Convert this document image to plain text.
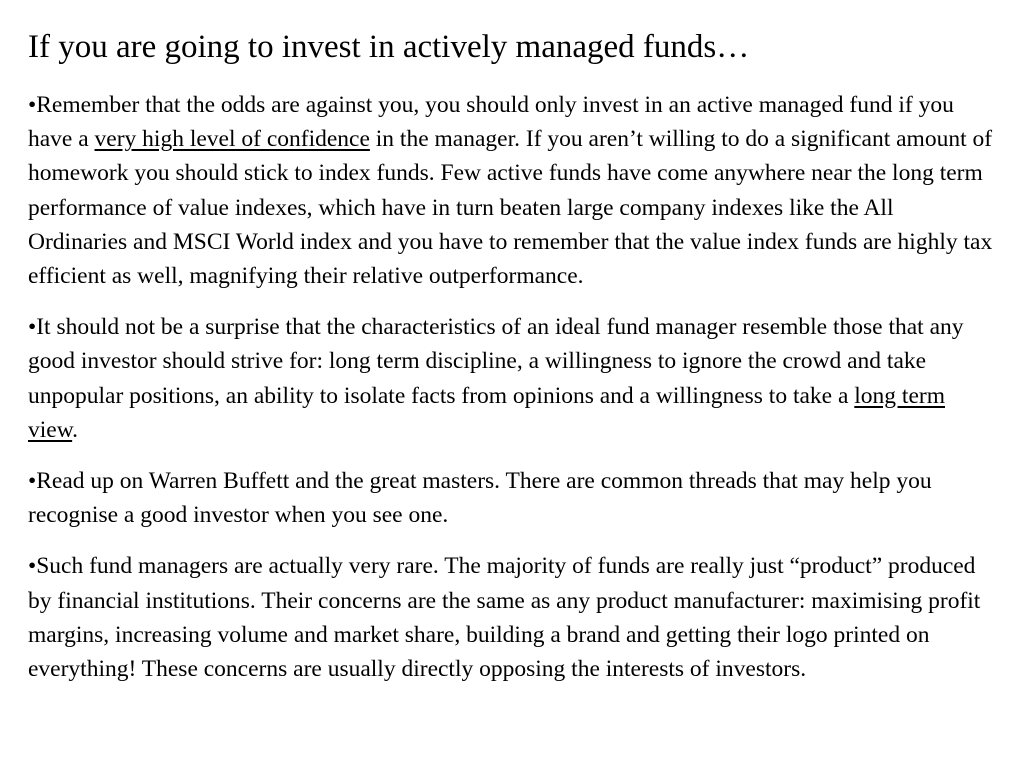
If you are going to invest in actively managed funds…

•Remember that the odds are against you, you should only invest in an active managed fund if you have a very high level of confidence in the manager. If you aren’t willing to do a significant amount of homework you should stick to index funds. Few active funds have come anywhere near the long term performance of value indexes, which have in turn beaten large company indexes like the All Ordinaries and MSCI World index and you have to remember that the value index funds are highly tax efficient as well, magnifying their relative outperformance.

•It should not be a surprise that the characteristics of an ideal fund manager resemble those that any good investor should strive for: long term discipline, a willingness to ignore the crowd and take unpopular positions, an ability to isolate facts from opinions and a willingness to take a long term view.

•Read up on Warren Buffett and the great masters. There are common threads that may help you recognise a good investor when you see one.

•Such fund managers are actually very rare. The majority of funds are really just “product” produced by financial institutions. Their concerns are the same as any product manufacturer: maximising profit margins, increasing volume and market share, building a brand and getting their logo printed on everything! These concerns are usually directly opposing the interests of investors.
